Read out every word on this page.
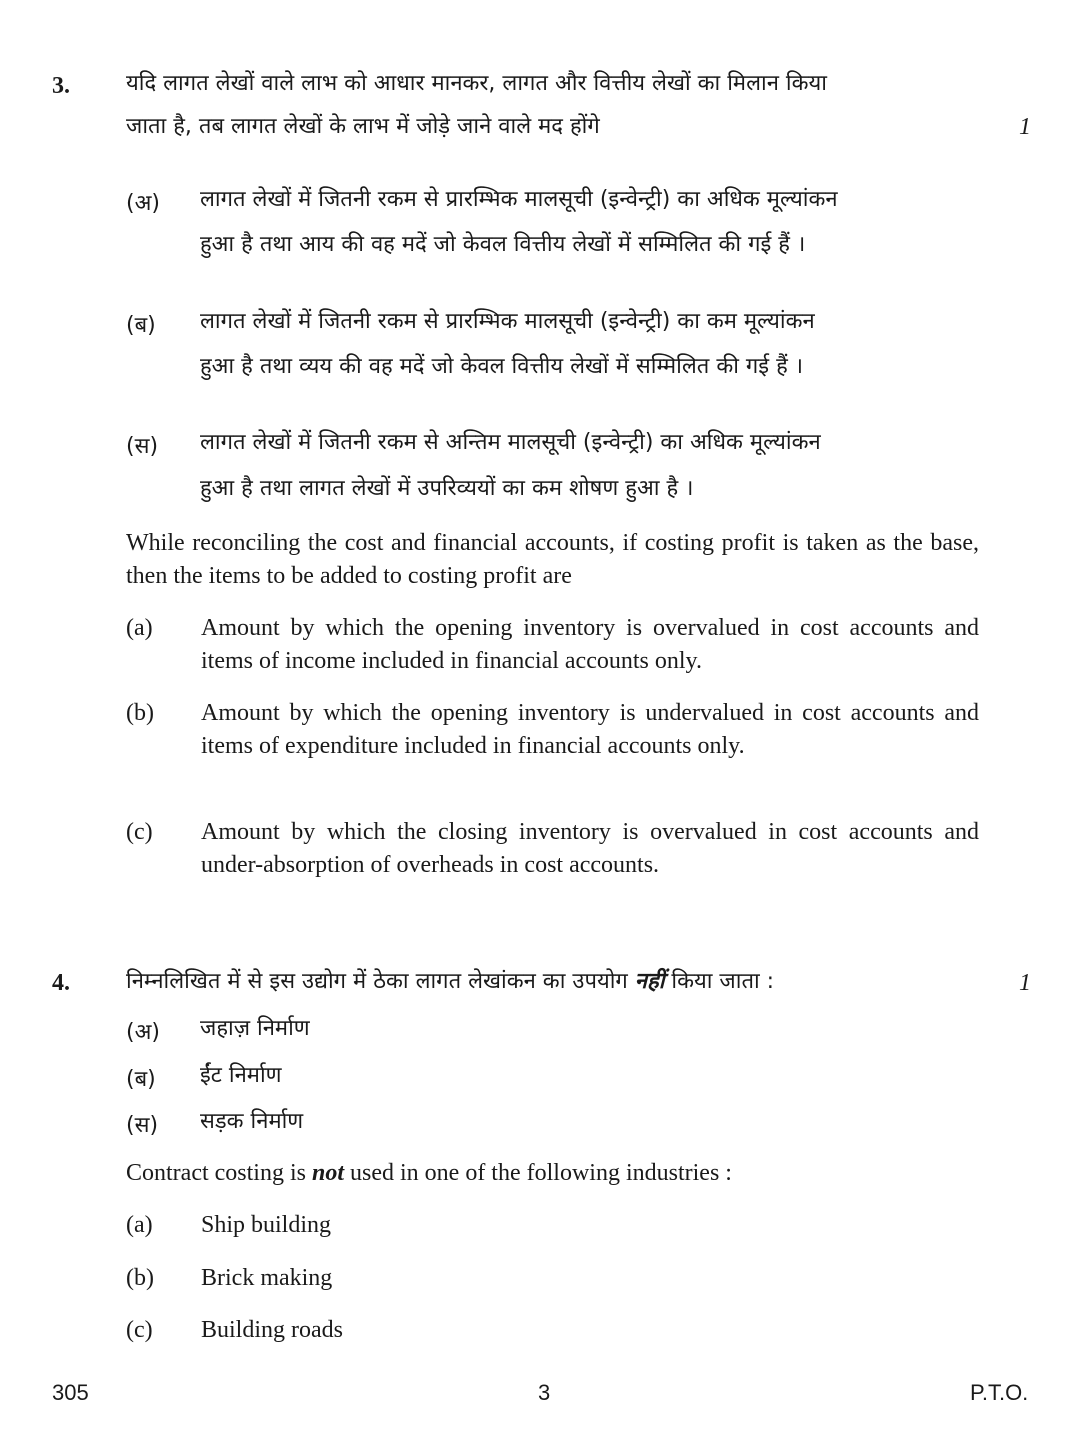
3.	यदि लागत लेखों वाले लाभ को आधार मानकर, लागत और वित्तीय लेखों का मिलान किया
जाता है, तब लागत लेखों के लाभ में जोड़े जाने वाले मद होंगे	1
(अ) लागत लेखों में जितनी रकम से प्रारम्भिक मालसूची (इन्वेन्ट्री) का अधिक मूल्यांकन
हुआ है तथा आय की वह मदें जो केवल वित्तीय लेखों में सम्मिलित की गई हैं ।
(ब) लागत लेखों में जितनी रकम से प्रारम्भिक मालसूची (इन्वेन्ट्री) का कम मूल्यांकन
हुआ है तथा व्यय की वह मदें जो केवल वित्तीय लेखों में सम्मिलित की गई हैं ।
(स) लागत लेखों में जितनी रकम से अन्तिम मालसूची (इन्वेन्ट्री) का अधिक मूल्यांकन
हुआ है तथा लागत लेखों में उपरिव्ययों का कम शोषण हुआ है ।
While reconciling the cost and financial accounts, if costing profit is taken as the base, then the items to be added to costing profit are
(a) Amount by which the opening inventory is overvalued in cost accounts and items of income included in financial accounts only.
(b) Amount by which the opening inventory is undervalued in cost accounts and items of expenditure included in financial accounts only.
(c) Amount by which the closing inventory is overvalued in cost accounts and under-absorption of overheads in cost accounts.
4.	निम्नलिखित में से इस उद्योग में ठेका लागत लेखांकन का उपयोग नहीं किया जाता :	1
(अ) जहाज़ निर्माण
(ब) ईंट निर्माण
(स) सड़क निर्माण
Contract costing is not used in one of the following industries :
(a) Ship building
(b) Brick making
(c) Building roads
305	3	P.T.O.
